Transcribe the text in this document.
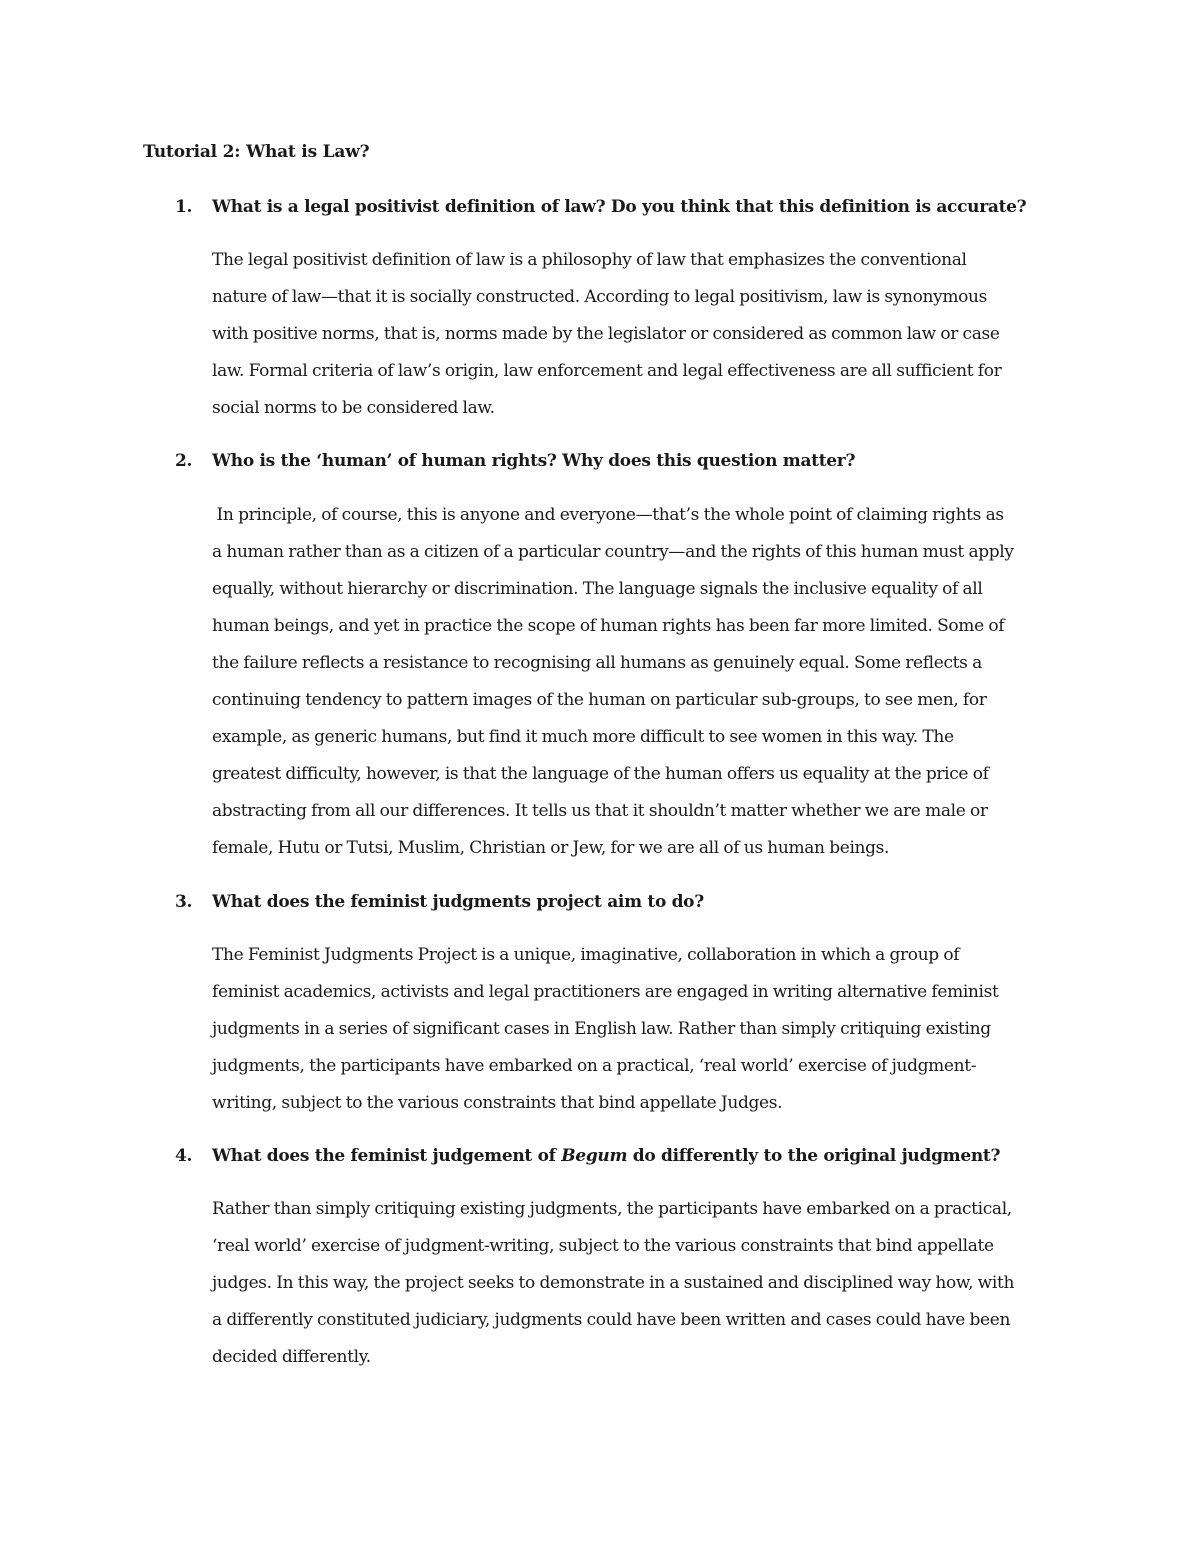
Tutorial 2: What is Law?
1. What is a legal positivist definition of law? Do you think that this definition is accurate?

The legal positivist definition of law is a philosophy of law that emphasizes the conventional
nature of law—that it is socially constructed. According to legal positivism, law is synonymous
with positive norms, that is, norms made by the legislator or considered as common law or case
law. Formal criteria of law’s origin, law enforcement and legal effectiveness are all sufficient for
social norms to be considered law.

2. Who is the ‘human’ of human rights? Why does this question matter?

In principle, of course, this is anyone and everyone—that’s the whole point of claiming rights as
a human rather than as a citizen of a particular country—and the rights of this human must apply
equally, without hierarchy or discrimination. The language signals the inclusive equality of all
human beings, and yet in practice the scope of human rights has been far more limited. Some of
the failure reflects a resistance to recognising all humans as genuinely equal. Some reflects a
continuing tendency to pattern images of the human on particular sub-groups, to see men, for
example, as generic humans, but find it much more difficult to see women in this way. The
greatest difficulty, however, is that the language of the human offers us equality at the price of
abstracting from all our differences. It tells us that it shouldn’t matter whether we are male or
female, Hutu or Tutsi, Muslim, Christian or Jew, for we are all of us human beings.

3. What does the feminist judgments project aim to do?

The Feminist Judgments Project is a unique, imaginative, collaboration in which a group of
feminist academics, activists and legal practitioners are engaged in writing alternative feminist
judgments in a series of significant cases in English law. Rather than simply critiquing existing
judgments, the participants have embarked on a practical, ‘real world’ exercise of judgment-
writing, subject to the various constraints that bind appellate Judges.

4. What does the feminist judgement of Begum do differently to the original judgment?

Rather than simply critiquing existing judgments, the participants have embarked on a practical,
‘real world’ exercise of judgment-writing, subject to the various constraints that bind appellate
judges. In this way, the project seeks to demonstrate in a sustained and disciplined way how, with
a differently constituted judiciary, judgments could have been written and cases could have been
decided differently.
